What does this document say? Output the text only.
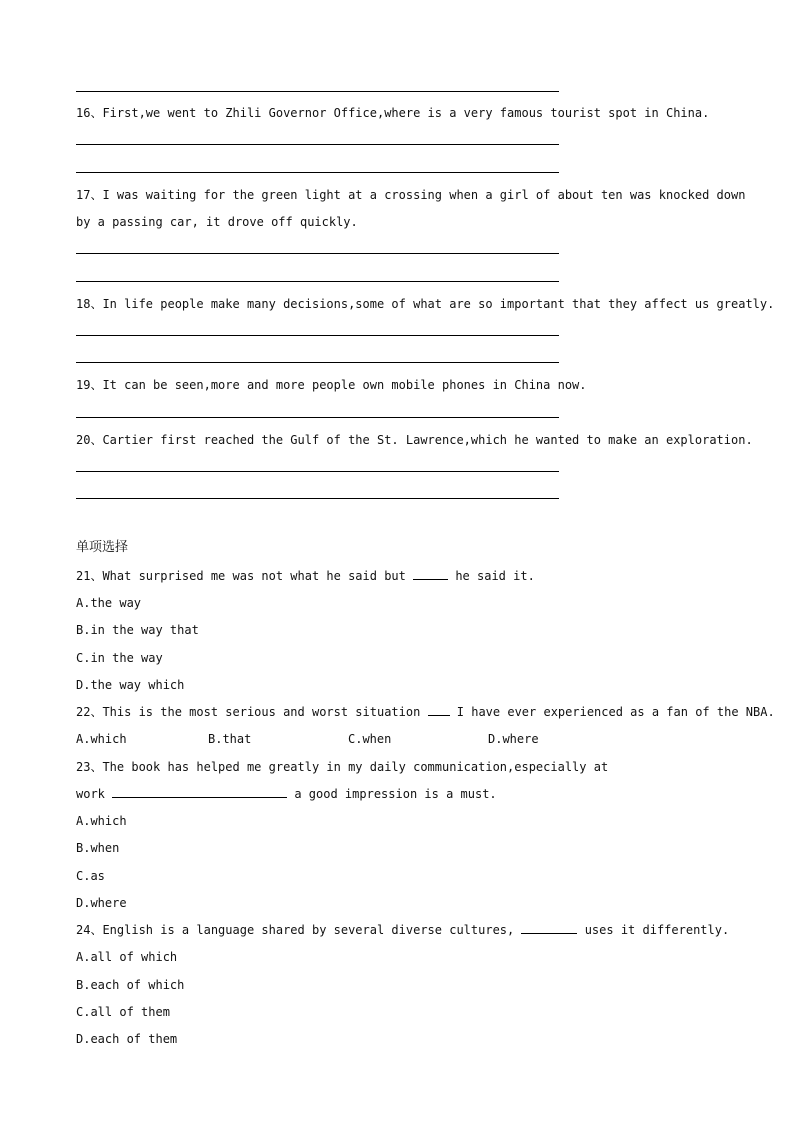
16、First,we went to Zhili Governor Office,where is a very famous tourist spot in China.
17、I was waiting for the green light at a crossing when a girl of about ten was knocked down
by a passing car, it drove off quickly.
18、In life people make many decisions,some of what are so important that they affect us greatly.
19、It can be seen,more and more people own mobile phones in China now.
20、Cartier first reached the Gulf of the St. Lawrence,which he wanted to make an exploration.
单项选择
21、What surprised me was not what he said but	he said it.
A.the way
B.in the way that
C.in the way
D.the way which
22、This is the most serious and worst situation  I have ever experienced as a fan of the NBA.
A.which	B.that	C.when	D.where
23、The book has helped me greatly in my daily communication,especially at
work	a good impression is a must.
A.which
B.when
C.as
D.where
24、English is a language shared by several diverse cultures,	uses it differently.
A.all of which
B.each of which
C.all of them
D.each of them
